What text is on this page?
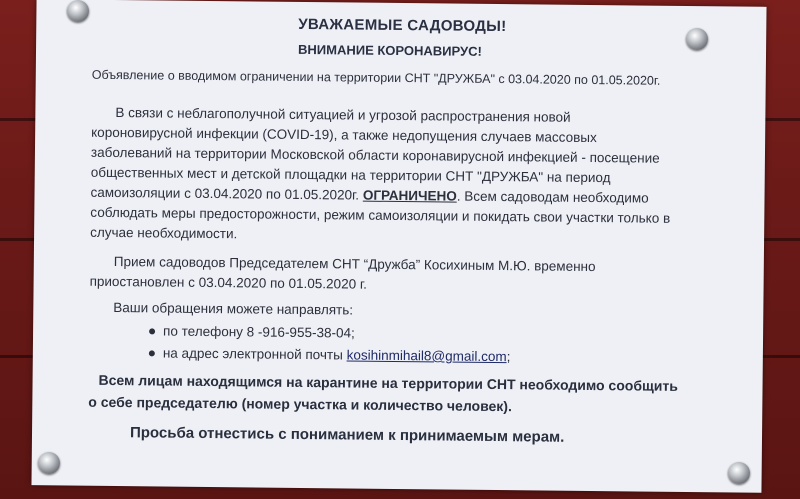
УВАЖАЕМЫЕ САДОВОДЫ!
ВНИМАНИЕ КОРОНАВИРУС!
Объявление о вводимом ограничении на территории СНТ "ДРУЖБА" с 03.04.2020 по 01.05.2020г.
В связи с неблагополучной ситуацией и угрозой распространения новой
короновирусной инфекции (COVID-19), а также недопущения случаев массовых
заболеваний на территории Московской области коронавирусной инфекцией - посещение
общественных мест и детской площадки на территории СНТ "ДРУЖБА" на период
самоизоляции с 03.04.2020 по 01.05.2020г. ОГРАНИЧЕНО. Всем садоводам необходимо
соблюдать меры предосторожности, режим самоизоляции и покидать свои участки только в
случае необходимости.
Прием садоводов Председателем СНТ “Дружба” Косихиным М.Ю. временно
приостановлен с 03.04.2020 по 01.05.2020 г.
Ваши обращения можете направлять:
по телефону 8 -916-955-38-04;
на адрес электронной почты kosihinmihail8@gmail.com;
Всем лицам находящимся на карантине на территории СНТ необходимо сообщить
о себе председателю (номер участка и количество человек).
Просьба отнестись с пониманием к принимаемым мерам.
